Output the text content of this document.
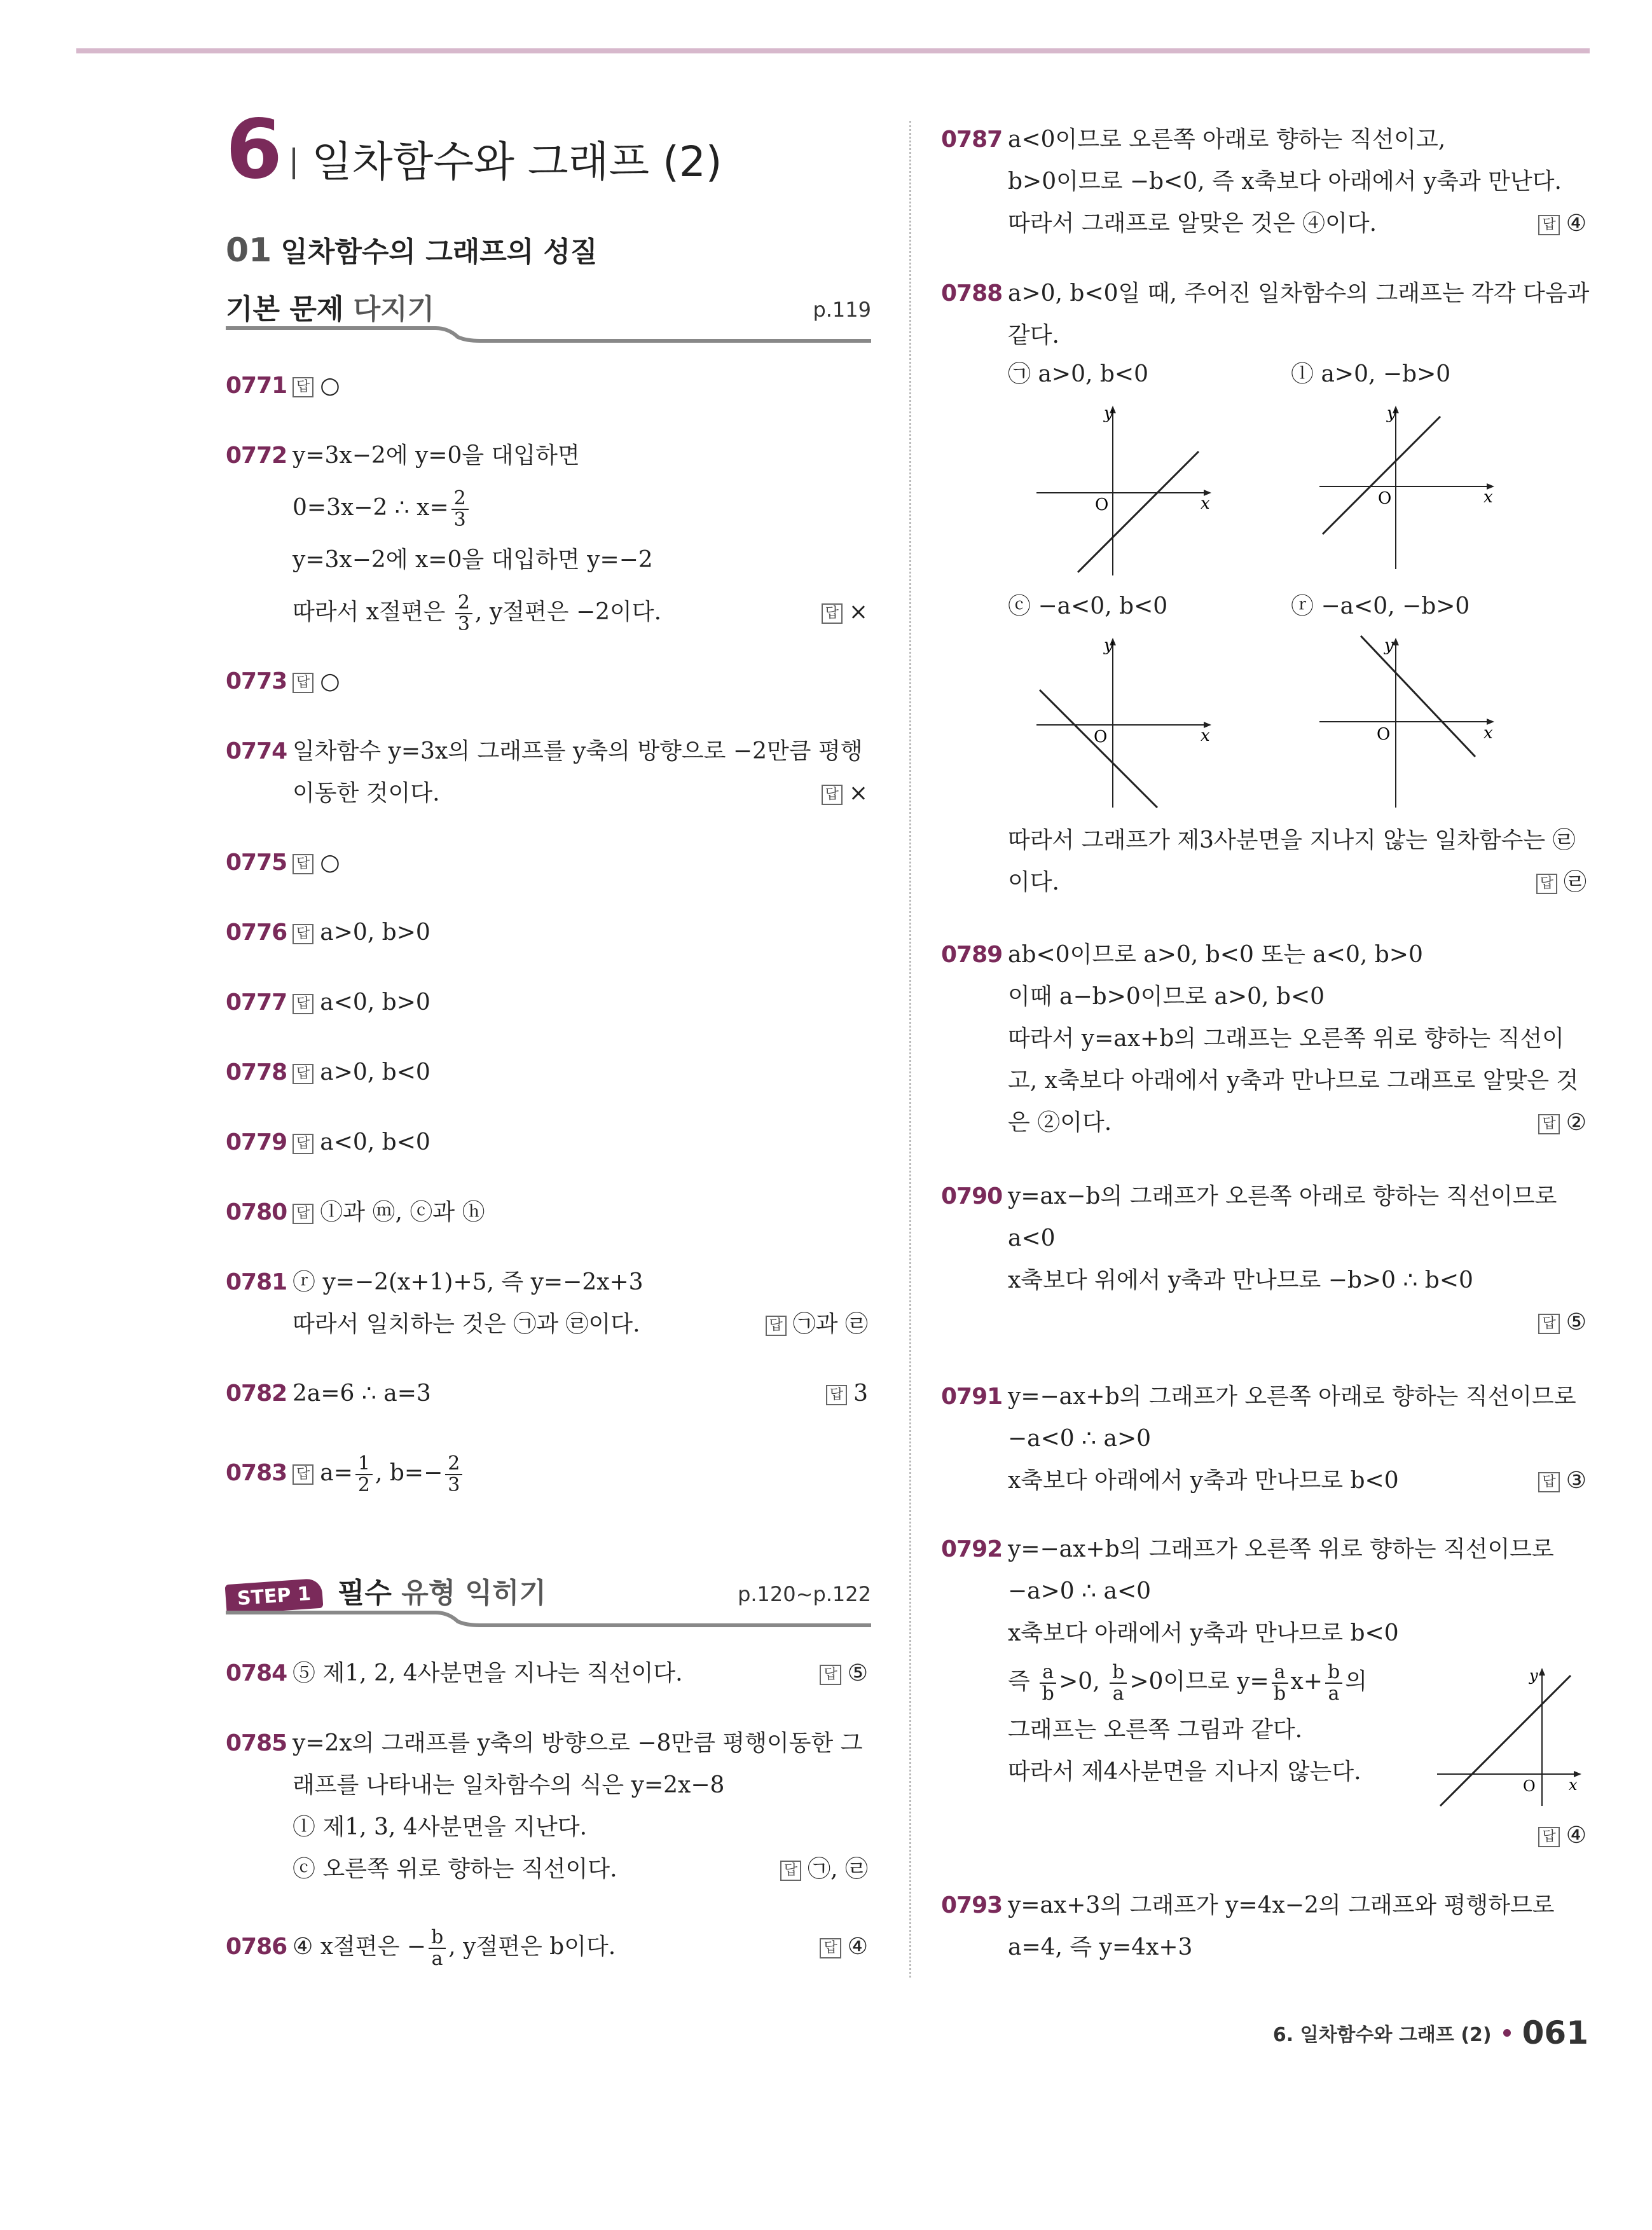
6 일차함수와 그래프 (2)
01 일차함수의 그래프의 성질
기본 문제 다지기	p.119
0771 답 ○
0772 y=3x−2에 y=0을 대입하면
0=3x−2 ∴ $x= \frac{2}{3}$
y=3x−2에 x=0을 대입하면 y=−2
따라서 x절편은 $\frac{2}{3}$ , y절편은 −2이다.	답 ×
0773 답 ○
0774 일차함수 y=3x의 그래프를 y축의 방향으로 −2만큼 평행
이동한 것이다.	답 ×
0775 답 ○
0776 답 a>0, b>0
0777 답 a<0, b>0
0778 답 a>0, b<0
0779 답 a<0, b<0
0780 답 ⓛ과 ⓜ, ⓒ과 ⓗ
0781 ⓡ y=−2(x+1)+5, 즉 y=−2x+3
따라서 일치하는 것은 ㉠과 ㉣이다.	답 ㉠과 ㉣
0782 2a=6 ∴ a=3	답 3
0783 답 $a= \frac{1}{2}$ , $b=- \frac{2}{3}$
STEP 1 필수 유형 익히기	p.120~p.122
0784 ⑤ 제1, 2, 4사분면을 지나는 직선이다.	답 ⑤
0785 y=2x의 그래프를 y축의 방향으로 −8만큼 평행이동한 그
래프를 나타내는 일차함수의 식은 y=2x−8
ⓛ 제1, 3, 4사분면을 지난다.
ⓒ 오른쪽 위로 향하는 직선이다.	답 ㉠, ㉣
0786 ④ x절편은 − $\frac{b}{a}$ , y절편은 b이다.	답 ④
0787 a<0이므로 오른쪽 아래로 향하는 직선이고,
b>0이므로 −b<0, 즉 x축보다 아래에서 y축과 만난다.
따라서 그래프로 알맞은 것은 ④이다.	답 ④
0788 a>0, b<0일 때, 주어진 일차함수의 그래프는 각각 다음과
같다.
㉠ a>0, b<0	ⓛ a>0, −b>0
ⓒ −a<0, b<0	ⓡ −a<0, −b>0
y
x
O
y
x
O
y
x
O
y
x
O
따라서 그래프가 제3사분면을 지나지 않는 일차함수는 ㉣
이다.	답 ㉣
0789 ab<0이므로 a>0, b<0 또는 a<0, b>0
이때 a−b>0이므로 a>0, b<0
따라서 y=ax+b의 그래프는 오른쪽 위로 향하는 직선이
고, x축보다 아래에서 y축과 만나므로 그래프로 알맞은 것
은 ②이다.	답 ②
0790 y=ax−b의 그래프가 오른쪽 아래로 향하는 직선이므로
a<0
x축보다 위에서 y축과 만나므로 −b>0 ∴ b<0
답 ⑤
0791 y=−ax+b의 그래프가 오른쪽 아래로 향하는 직선이므로
−a<0 ∴ a>0
x축보다 아래에서 y축과 만나므로 b<0	답 ③
0792 y=−ax+b의 그래프가 오른쪽 위로 향하는 직선이므로
−a>0 ∴ a<0
x축보다 아래에서 y축과 만나므로 b<0
즉 $\frac{a}{b} >0$, $\frac{b}{a} >0$이므로 $y= \frac{a}{b} x+ \frac{b}{a}$ 의
그래프는 오른쪽 그림과 같다.
따라서 제4사분면을 지나지 않는다.
답 ④
y
x
O
0793 y=ax+3의 그래프가 y=4x−2의 그래프와 평행하므로
a=4, 즉 y=4x+3
6. 일차함수와 그래프 (2) 061
